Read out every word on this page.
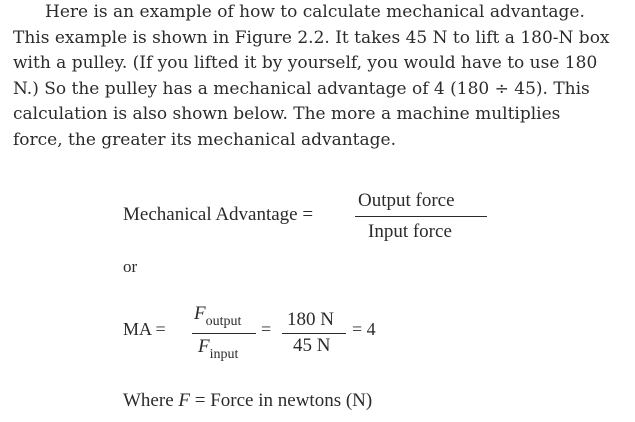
Here is an example of how to calculate mechanical advantage. This example is shown in Figure 2.2. It takes 45 N to lift a 180-N box with a pulley. (If you lifted it by yourself, you would have to use 180 N.) So the pulley has a mechanical advantage of 4 (180 ÷ 45). This calculation is also shown below. The more a machine multiplies force, the greater its mechanical advantage.

Mechanical Advantage =
Output force
Input force
or
MA =
$F_{output}$
$F_{input}$
= 180 N
45 N
= 4
Where F = Force in newtons (N)
